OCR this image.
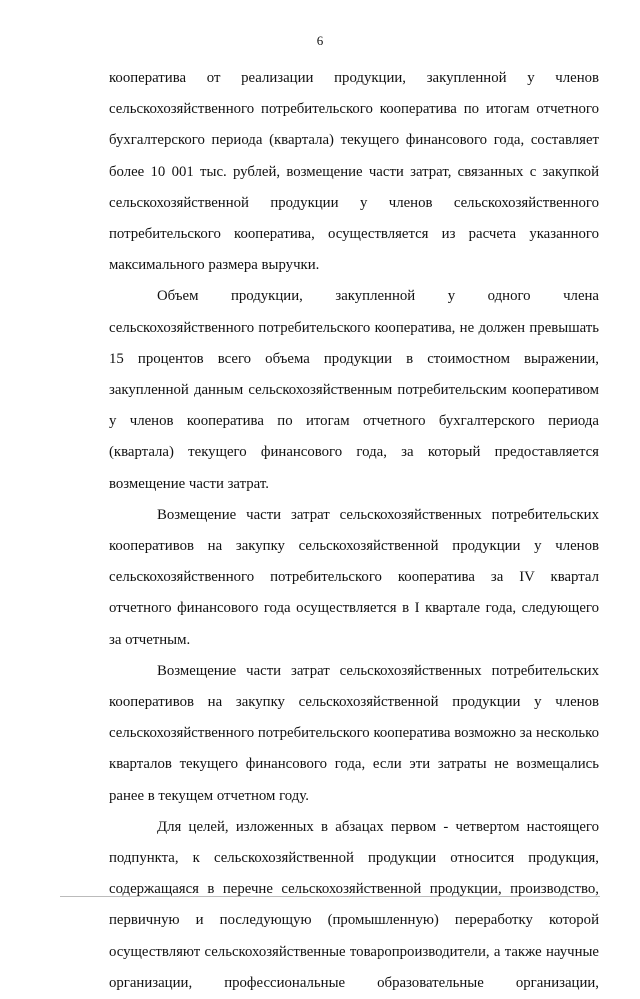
6

кооператива от реализации продукции, закупленной у членов сельскохозяйственного потребительского кооператива по итогам отчетного бухгалтерского периода (квартала) текущего финансового года, составляет более 10 001 тыс. рублей, возмещение части затрат, связанных с закупкой сельскохозяйственной продукции у членов сельскохозяйственного потребительского кооператива, осуществляется из расчета указанного максимального размера выручки.

Объем продукции, закупленной у одного члена сельскохозяйственного потребительского кооператива, не должен превышать 15 процентов всего объема продукции в стоимостном выражении, закупленной данным сельскохозяйственным потребительским кооперативом у членов кооператива по итогам отчетного бухгалтерского периода (квартала) текущего финансового года, за который предоставляется возмещение части затрат.

Возмещение части затрат сельскохозяйственных потребительских кооперативов на закупку сельскохозяйственной продукции у членов сельскохозяйственного потребительского кооператива за IV квартал отчетного финансового года осуществляется в I квартале года, следующего за отчетным.

Возмещение части затрат сельскохозяйственных потребительских кооперативов на закупку сельскохозяйственной продукции у членов сельскохозяйственного потребительского кооператива возможно за несколько кварталов текущего финансового года, если эти затраты не возмещались ранее в текущем отчетном году.

Для целей, изложенных в абзацах первом - четвертом настоящего подпункта, к сельскохозяйственной продукции относится продукция, содержащаяся в перечне сельскохозяйственной продукции, производство, первичную и последующую (промышленную) переработку которой осуществляют сельскохозяйственные товаропроизводители, а также научные организации, профессиональные образовательные организации,
